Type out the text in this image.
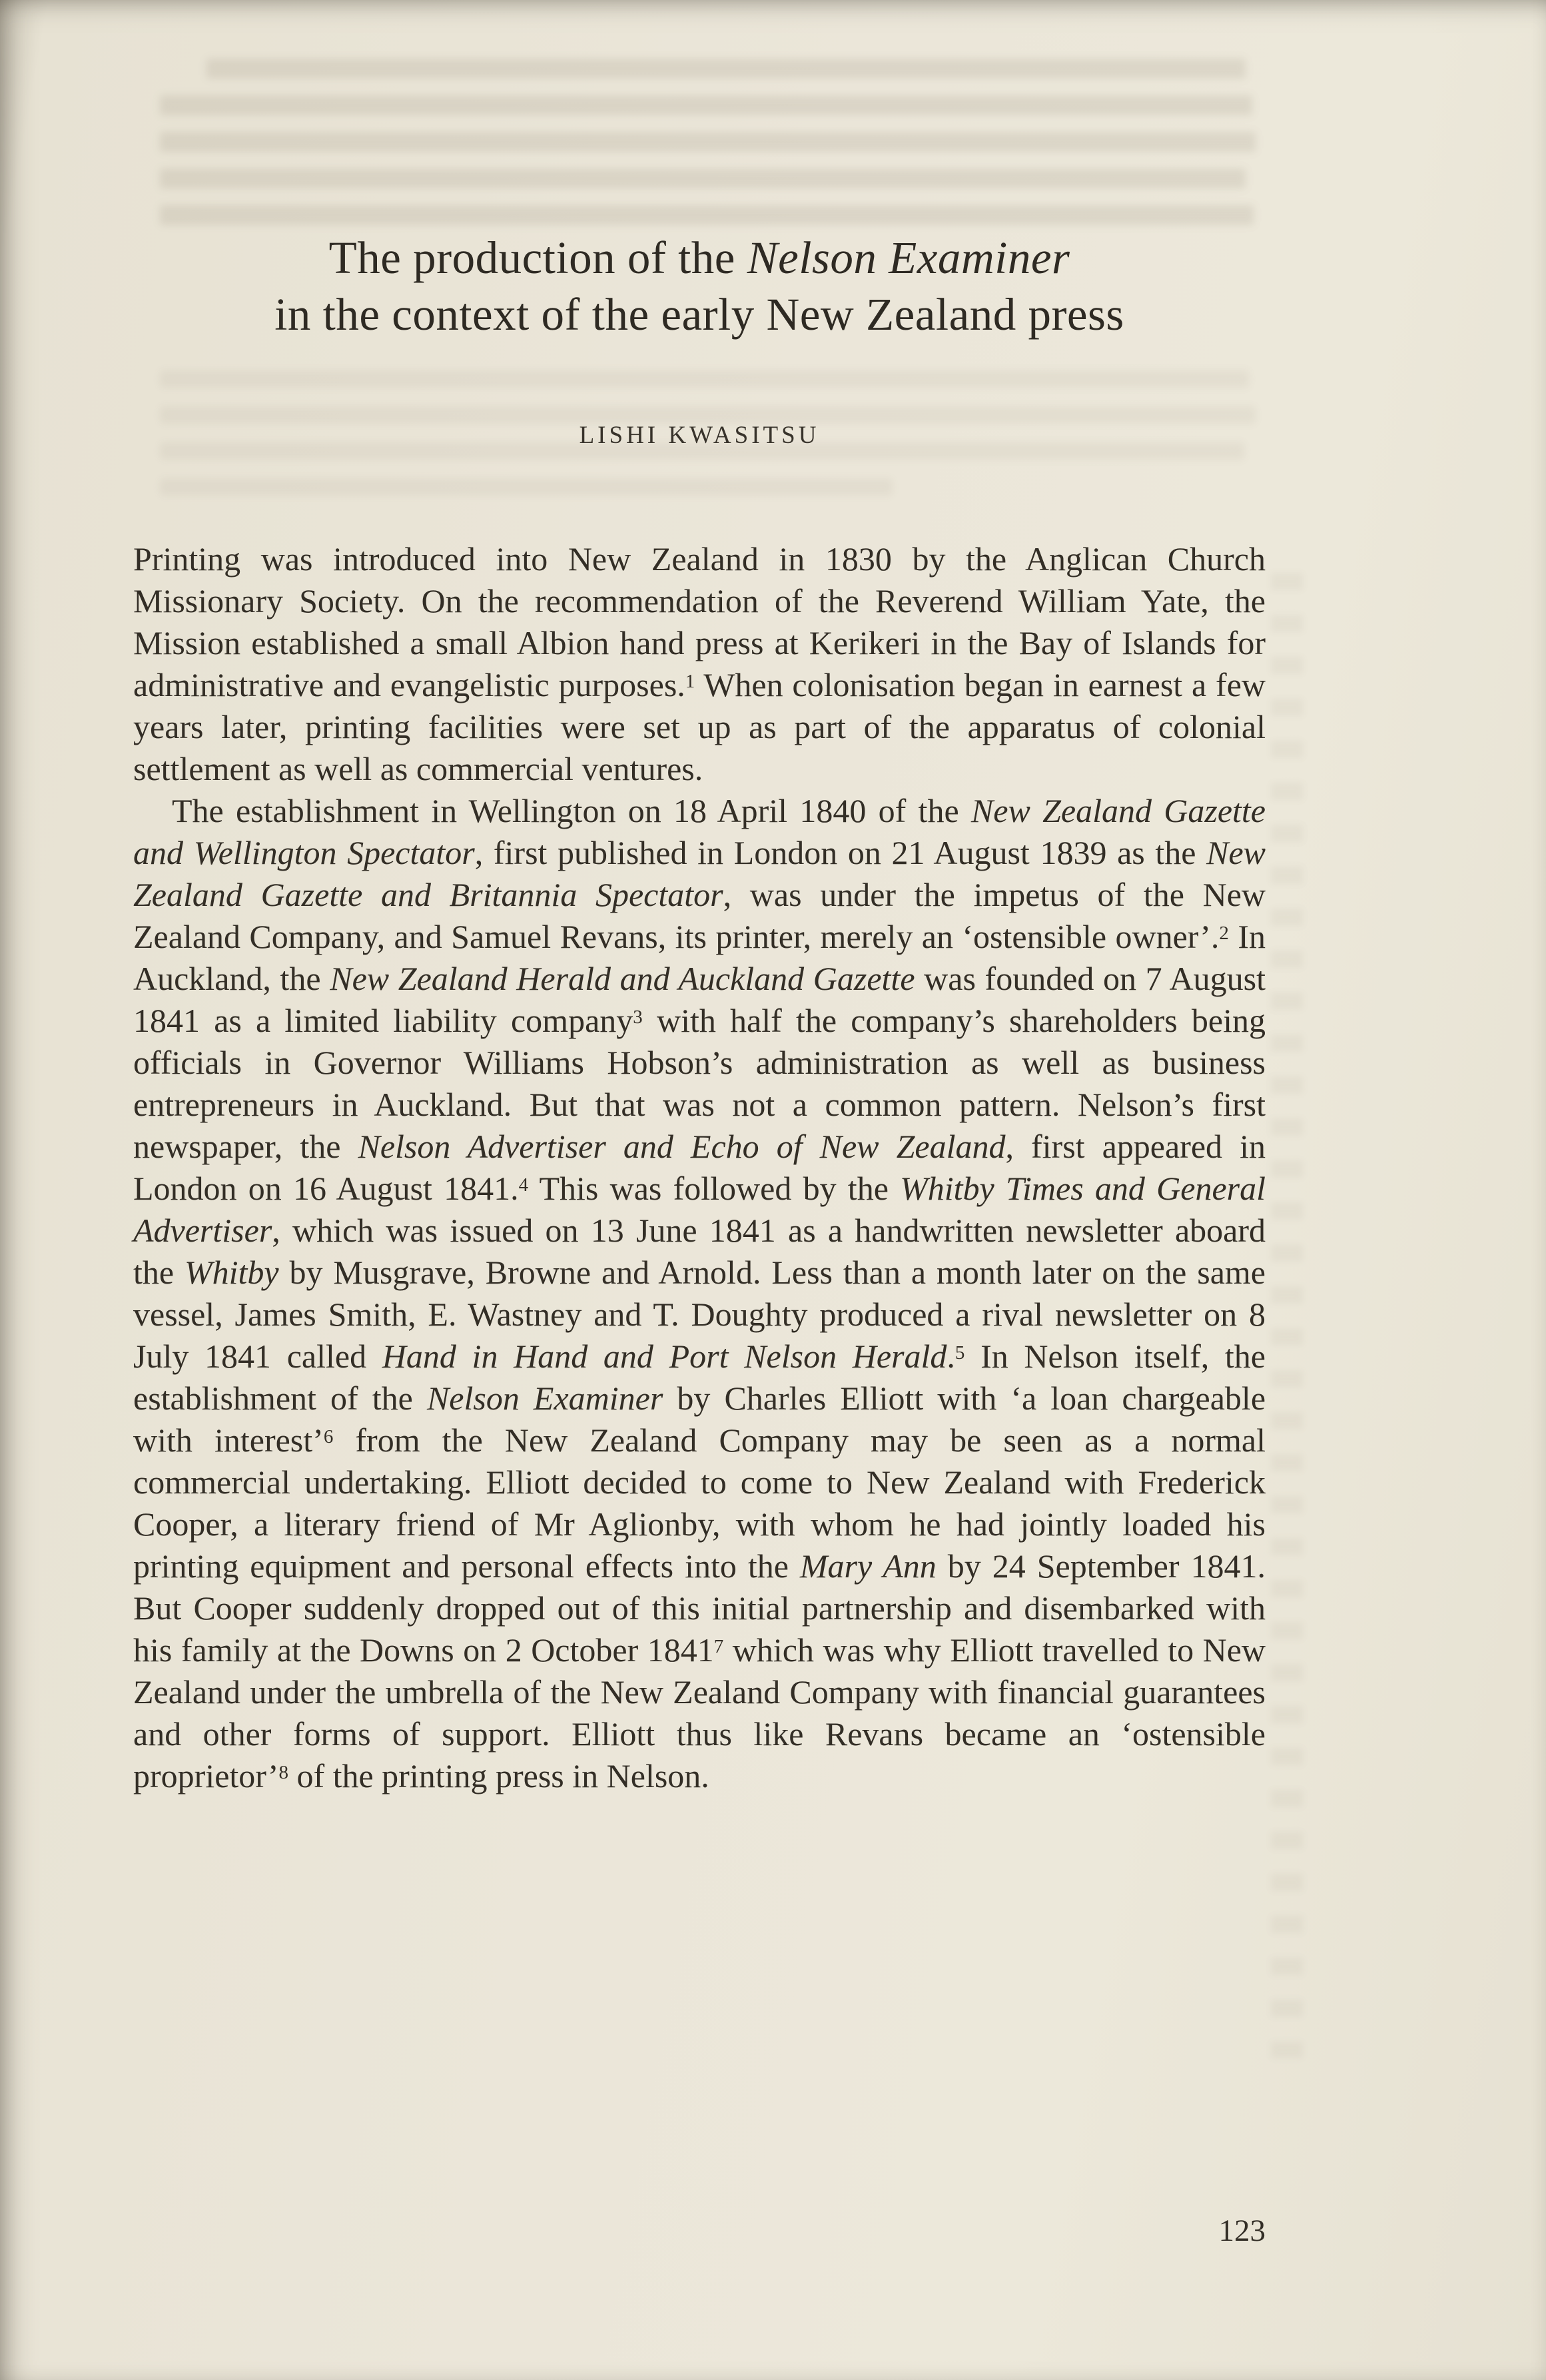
The production of the Nelson Examiner
in the context of the early New Zealand press
LISHI KWASITSU

Printing was introduced into New Zealand in 1830 by the Anglican Church Missionary Society. On the recommendation of the Reverend William Yate, the Mission established a small Albion hand press at Kerikeri in the Bay of Islands for administrative and evangelistic purposes.$^1$ When colonisation began in earnest a few years later, printing facilities were set up as part of the apparatus of colonial settlement as well as commercial ventures.

The establishment in Wellington on 18 April 1840 of the New Zealand Gazette and Wellington Spectator, first published in London on 21 August 1839 as the New Zealand Gazette and Britannia Spectator, was under the impetus of the New Zealand Company, and Samuel Revans, its printer, merely an ‘ostensible owner’.$^2$ In Auckland, the New Zealand Herald and Auckland Gazette was founded on 7 August 1841 as a limited liability company$^3$ with half the company’s shareholders being officials in Governor Williams Hobson’s administration as well as business entrepreneurs in Auckland. But that was not a common pattern. Nelson’s first newspaper, the Nelson Advertiser and Echo of New Zealand, first appeared in London on 16 August 1841.$^4$ This was followed by the Whitby Times and General Advertiser, which was issued on 13 June 1841 as a handwritten newsletter aboard the Whitby by Musgrave, Browne and Arnold. Less than a month later on the same vessel, James Smith, E. Wastney and T. Doughty produced a rival newsletter on 8 July 1841 called Hand in Hand and Port Nelson Herald.$^5$ In Nelson itself, the establishment of the Nelson Examiner by Charles Elliott with ‘a loan chargeable with interest’$^6$ from the New Zealand Company may be seen as a normal commercial undertaking. Elliott decided to come to New Zealand with Frederick Cooper, a literary friend of Mr Aglionby, with whom he had jointly loaded his printing equipment and personal effects into the Mary Ann by 24 September 1841. But Cooper suddenly dropped out of this initial partnership and disembarked with his family at the Downs on 2 October 1841$^7$ which was why Elliott travelled to New Zealand under the umbrella of the New Zealand Company with financial guarantees and other forms of support. Elliott thus like Revans became an ‘ostensible proprietor’$^8$ of the printing press in Nelson.

123
